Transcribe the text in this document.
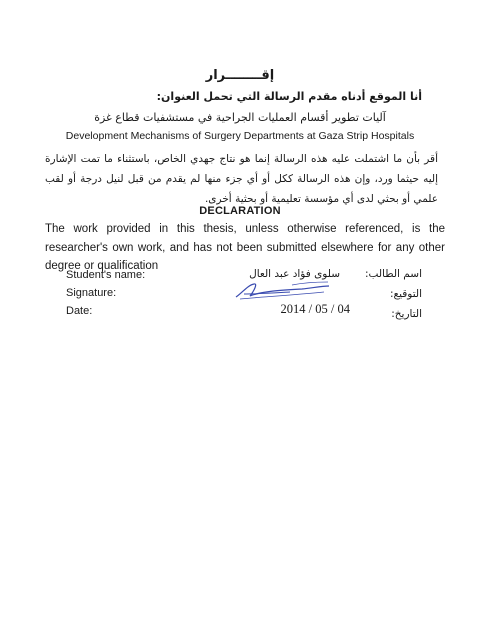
إقــــــــرار
أنا الموقع أدناه مقدم الرسالة التي تحمل العنوان:
آليات تطوير أقسام العمليات الجراحية في مستشفيات قطاع غزة
Development Mechanisms of Surgery Departments at Gaza Strip Hospitals
أقر بأن ما اشتملت عليه هذه الرسالة إنما هو نتاج جهدي الخاص، باستثناء ما تمت الإشارة إليه حيثما ورد، وإن هذه الرسالة ككل أو أي جزء منها لم يقدم من قبل لنيل درجة أو لقب علمي أو بحثي لدى أي مؤسسة تعليمية أو بحثية أخرى.
DECLARATION
The work provided in this thesis, unless otherwise referenced, is the researcher's own work, and has not been submitted elsewhere for any other degree or qualification
Student's name:
Signature:
Date:
اسم الطالب:
سلوى فؤاد عبد العال
التوقيع:
التاريخ:
2014 / 05 / 04
